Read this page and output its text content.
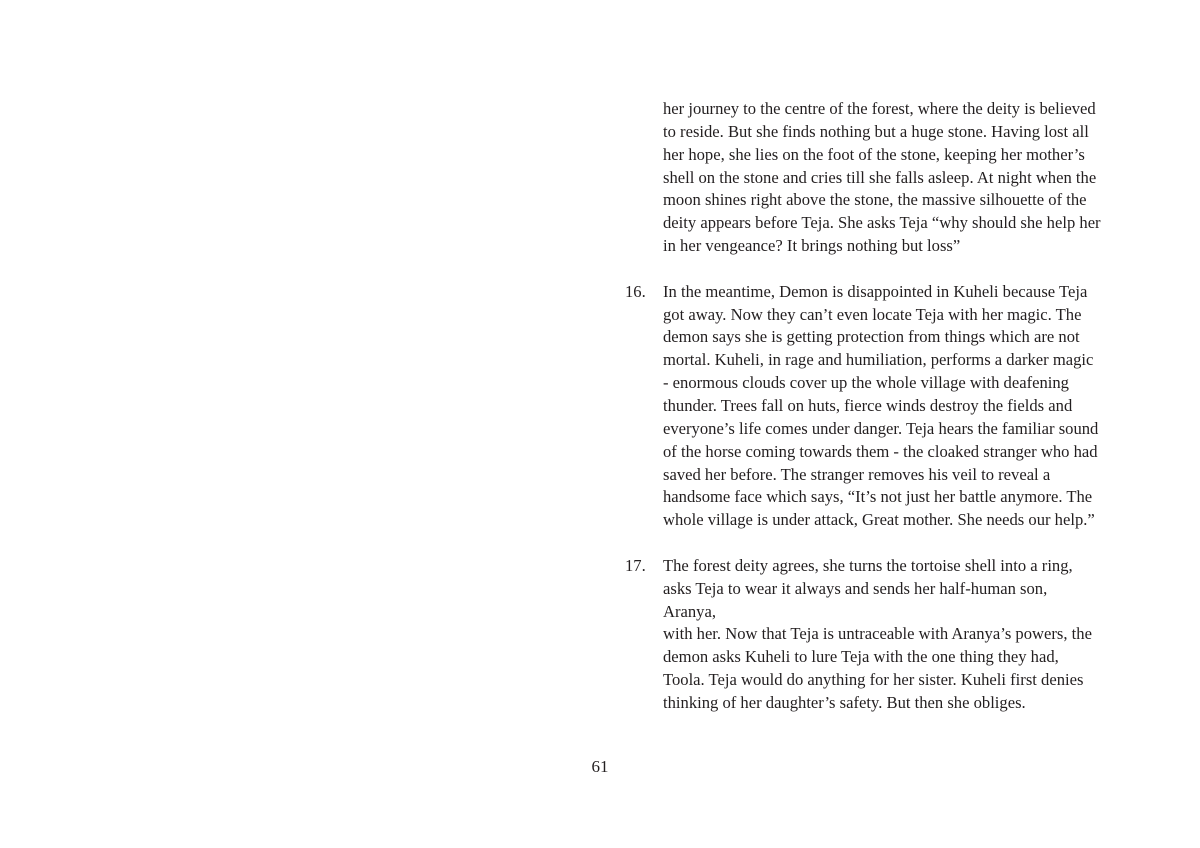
her journey to the centre of the forest, where the deity is believed
to reside. But she finds nothing but a huge stone. Having lost all
her hope, she lies on the foot of the stone, keeping her mother’s
shell on the stone and cries till she falls asleep. At night when the
moon shines right above the stone, the massive silhouette of the
deity appears before Teja. She asks Teja “why should she help her
in her vengeance? It brings nothing but loss”

16. In the meantime, Demon is disappointed in Kuheli because Teja
got away. Now they can’t even locate Teja with her magic. The
demon says she is getting protection from things which are not
mortal. Kuheli, in rage and humiliation, performs a darker magic
- enormous clouds cover up the whole village with deafening
thunder. Trees fall on huts, fierce winds destroy the fields and
everyone’s life comes under danger. Teja hears the familiar sound
of the horse coming towards them - the cloaked stranger who had
saved her before. The stranger removes his veil to reveal a
handsome face which says, “It’s not just her battle anymore. The
whole village is under attack, Great mother. She needs our help.”

17. The forest deity agrees, she turns the tortoise shell into a ring,
asks Teja to wear it always and sends her half-human son, Aranya,
with her. Now that Teja is untraceable with Aranya’s powers, the
demon asks Kuheli to lure Teja with the one thing they had,
Toola. Teja would do anything for her sister. Kuheli first denies
thinking of her daughter’s safety. But then she obliges.

61
